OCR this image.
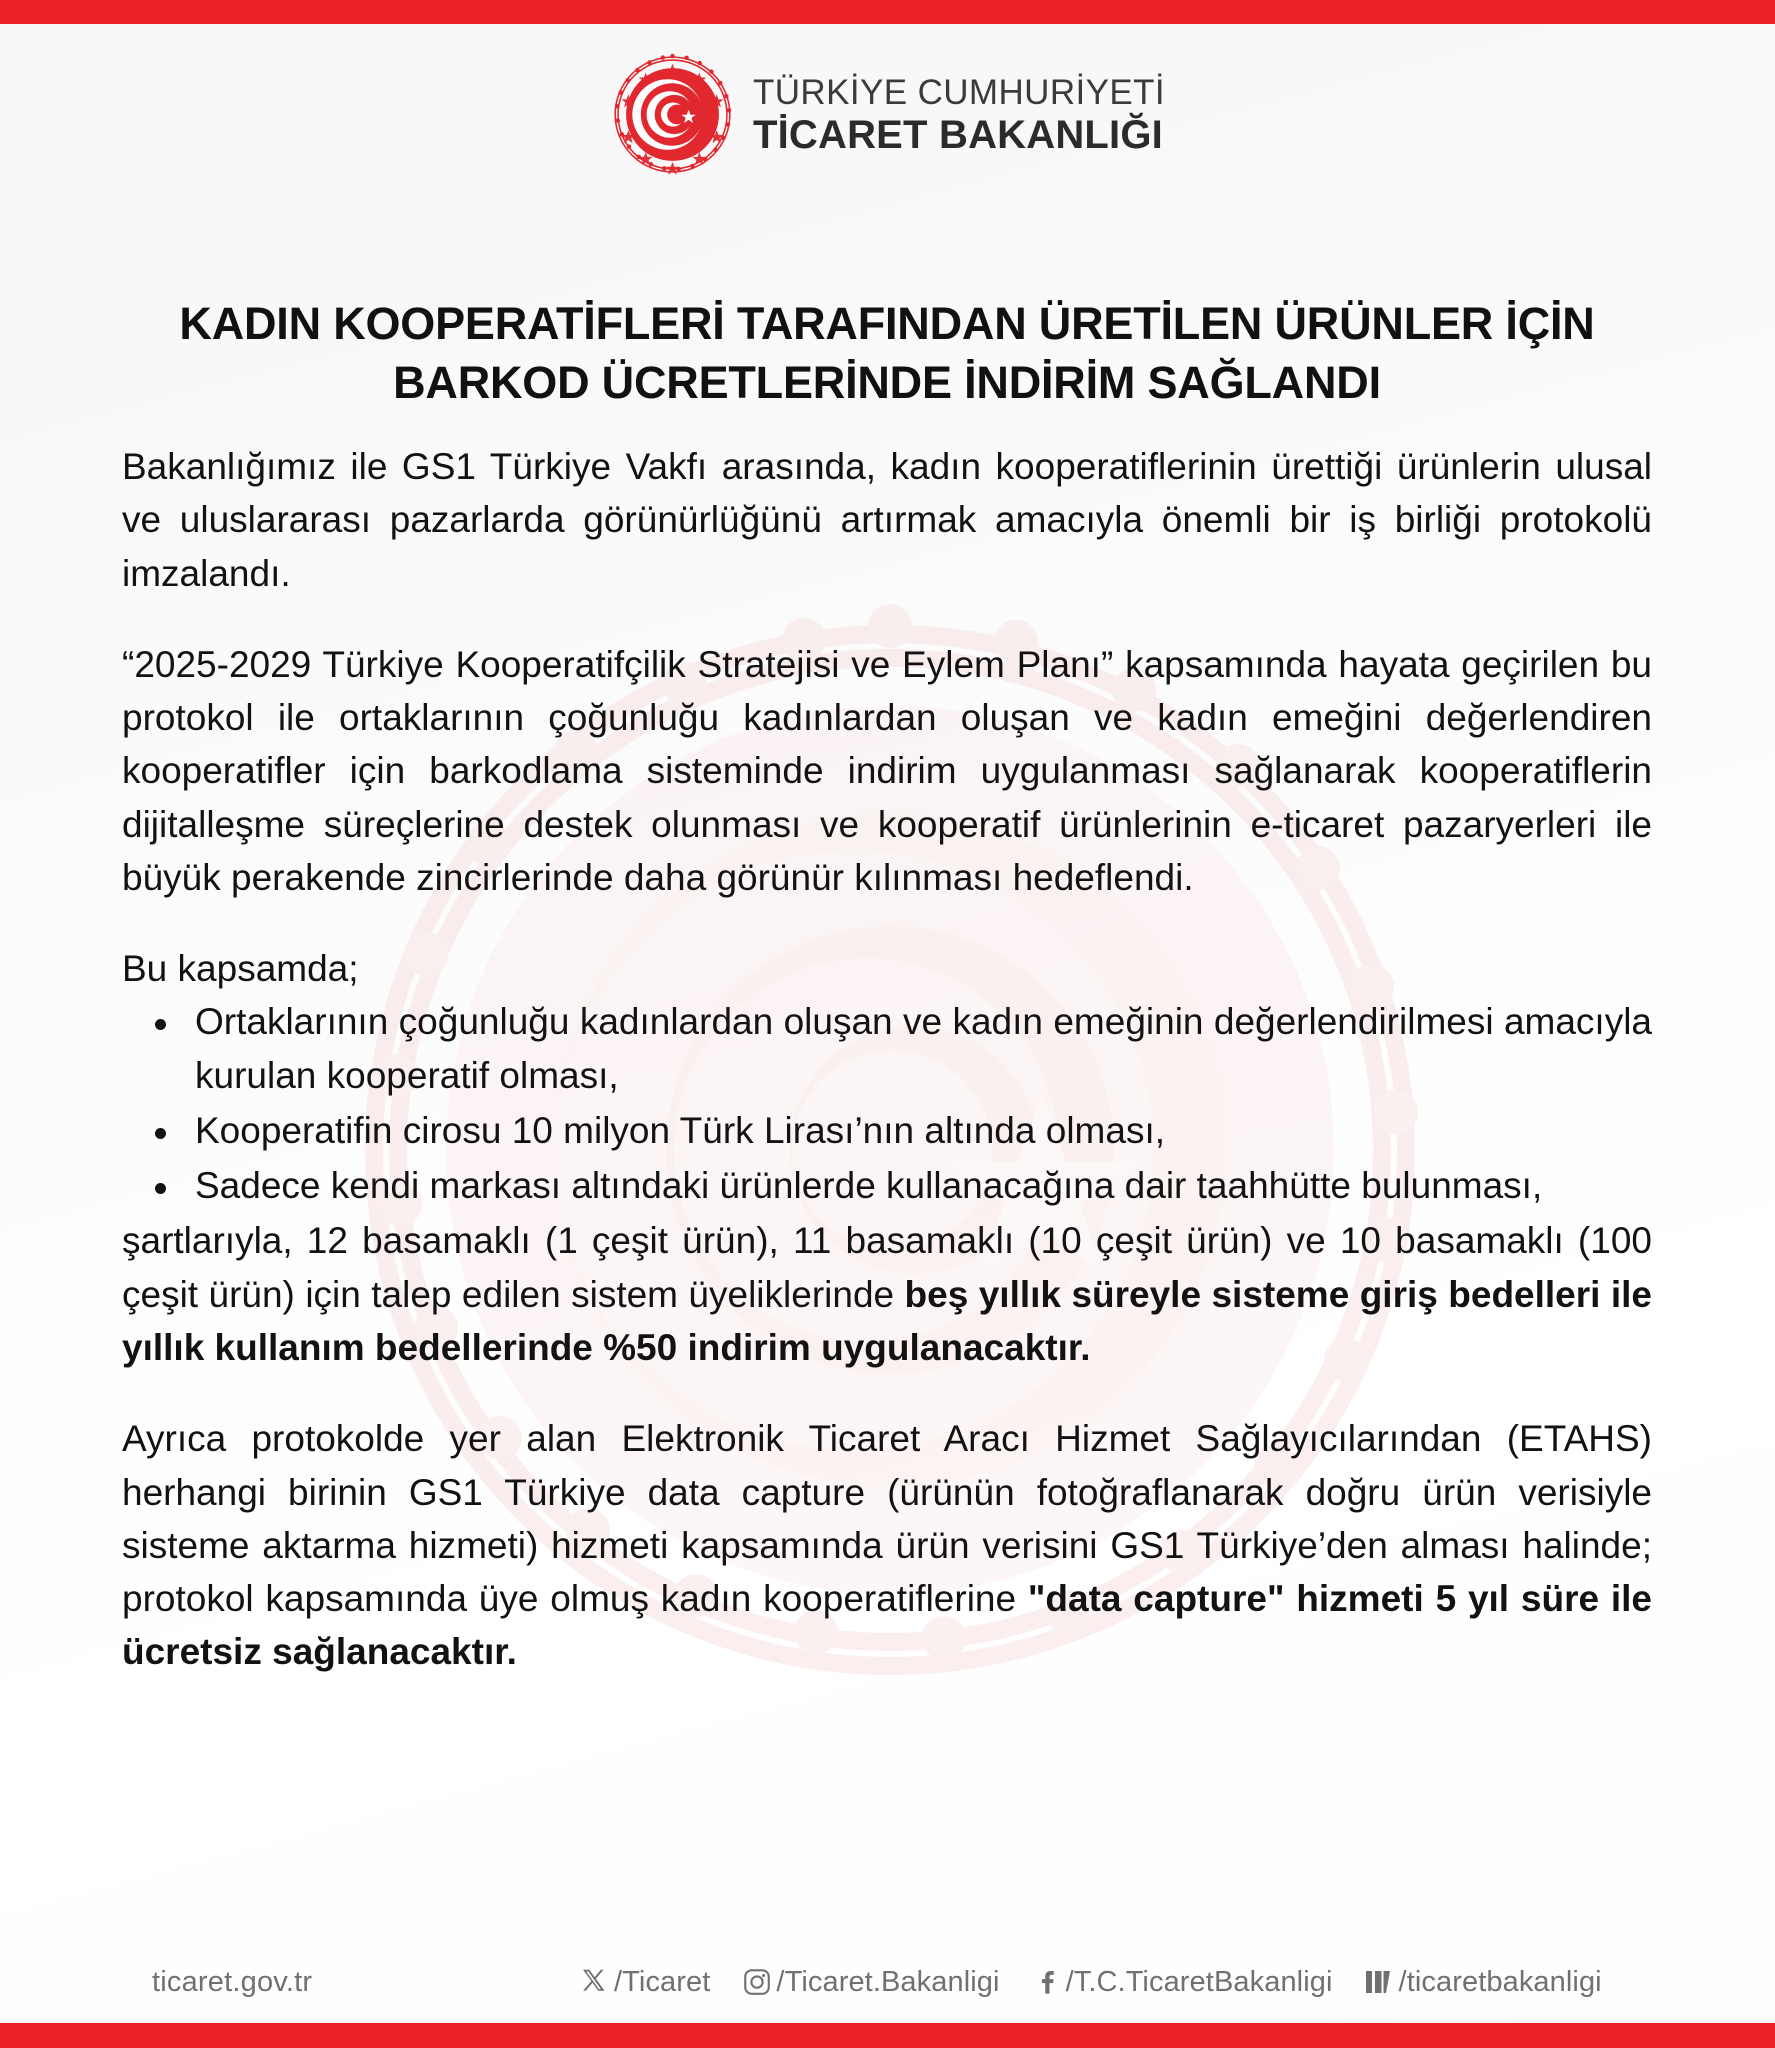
TÜRKİYE CUMHURİYETİ
TİCARET BAKANLIĞI
KADIN KOOPERATİFLERİ TARAFINDAN ÜRETİLEN ÜRÜNLER İÇİN BARKOD ÜCRETLERİNDE İNDİRİM SAĞLANDI

Bakanlığımız ile GS1 Türkiye Vakfı arasında, kadın kooperatiflerinin ürettiği ürünlerin ulusal ve uluslararası pazarlarda görünürlüğünü artırmak amacıyla önemli bir iş birliği protokolü imzalandı.

“2025-2029 Türkiye Kooperatifçilik Stratejisi ve Eylem Planı” kapsamında hayata geçirilen bu protokol ile ortaklarının çoğunluğu kadınlardan oluşan ve kadın emeğini değerlendiren kooperatifler için barkodlama sisteminde indirim uygulanması sağlanarak kooperatiflerin dijitalleşme süreçlerine destek olunması ve kooperatif ürünlerinin e-ticaret pazaryerleri ile büyük perakende zincirlerinde daha görünür kılınması hedeflendi.

Bu kapsamda;

Ortaklarının çoğunluğu kadınlardan oluşan ve kadın emeğinin değerlendirilmesi amacıyla kurulan kooperatif olması,
Kooperatifin cirosu 10 milyon Türk Lirası’nın altında olması,
Sadece kendi markası altındaki ürünlerde kullanacağına dair taahhütte bulunması,

şartlarıyla, 12 basamaklı (1 çeşit ürün), 11 basamaklı (10 çeşit ürün) ve 10 basamaklı (100 çeşit ürün) için talep edilen sistem üyeliklerinde beş yıllık süreyle sisteme giriş bedelleri ile yıllık kullanım bedellerinde %50 indirim uygulanacaktır.

Ayrıca protokolde yer alan Elektronik Ticaret Aracı Hizmet Sağlayıcılarından (ETAHS) herhangi birinin GS1 Türkiye data capture (ürünün fotoğraflanarak doğru ürün verisiyle sisteme aktarma hizmeti) hizmeti kapsamında ürün verisini GS1 Türkiye’den alması halinde; protokol kapsamında üye olmuş kadın kooperatiflerine "data capture" hizmeti 5 yıl süre ile ücretsiz sağlanacaktır.

ticaret.gov.tr	/Ticaret /Ticaret.Bakanligi /T.C.TicaretBakanligi /ticaretbakanligi
